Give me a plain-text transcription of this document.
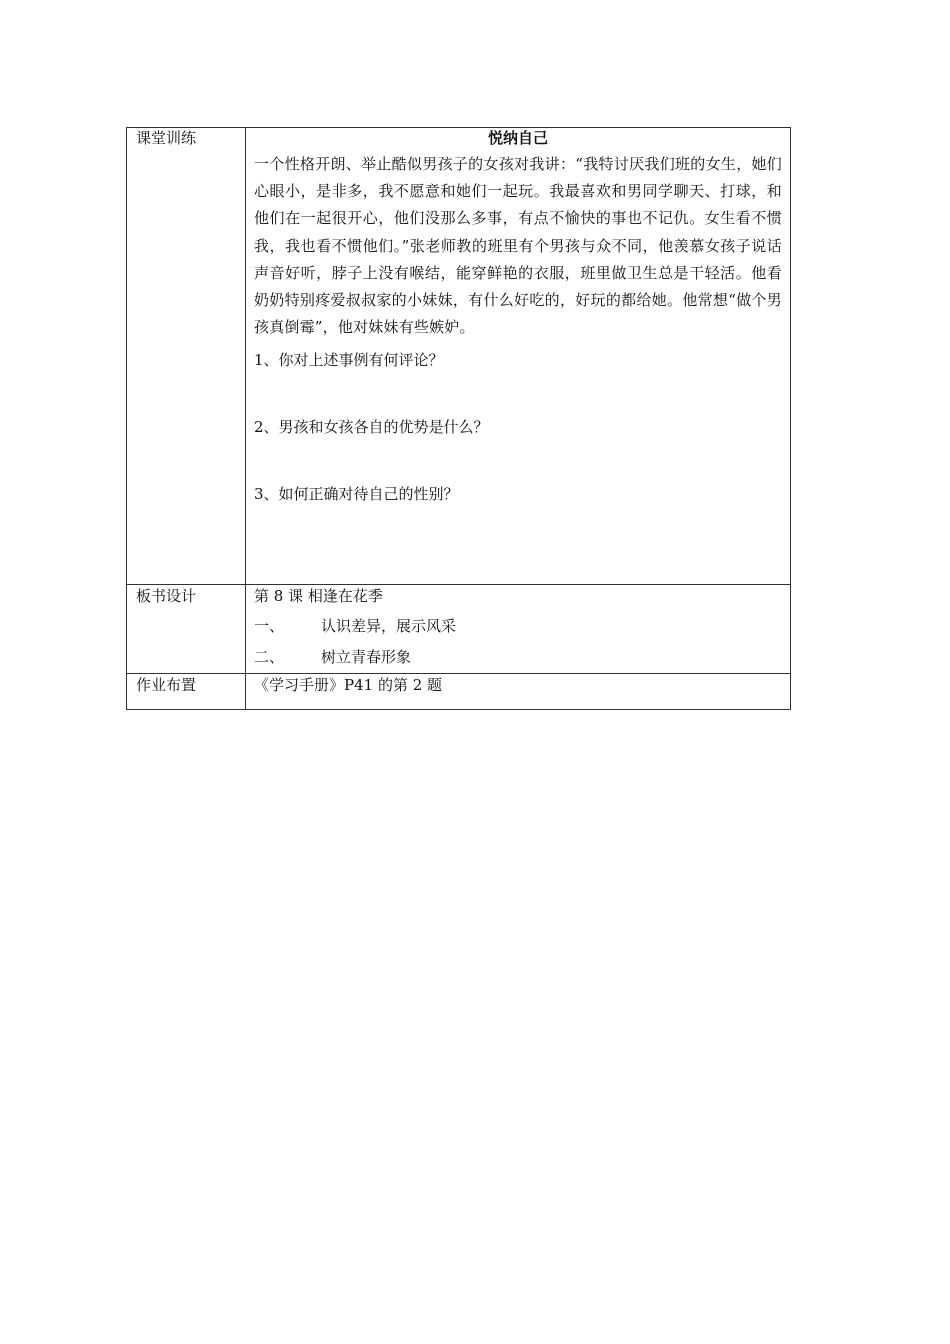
课堂训练	悦纳自己
一个性格开朗、举止酷似男孩子的女孩对我讲：“我特讨厌我们班的女生，她们心眼小，是非多，我不愿意和她们一起玩。我最喜欢和男同学聊天、打球，和他们在一起很开心，他们没那么多事，有点不愉快的事也不记仇。女生看不惯我，我也看不惯他们。”张老师教的班里有个男孩与众不同，他羡慕女孩子说话声音好听，脖子上没有喉结，能穿鲜艳的衣服，班里做卫生总是干轻活。他看奶奶特别疼爱叔叔家的小妹妹，有什么好吃的，好玩的都给她。他常想“做个男孩真倒霉”，他对妹妹有些嫉妒。
1、你对上述事例有何评论？
2、男孩和女孩各自的优势是什么？
3、如何正确对待自己的性别？

板书设计	第 8 课 相逢在花季
一、 认识差异，展示风采
二、 树立青春形象

作业布置	《学习手册》P41 的第 2 题
